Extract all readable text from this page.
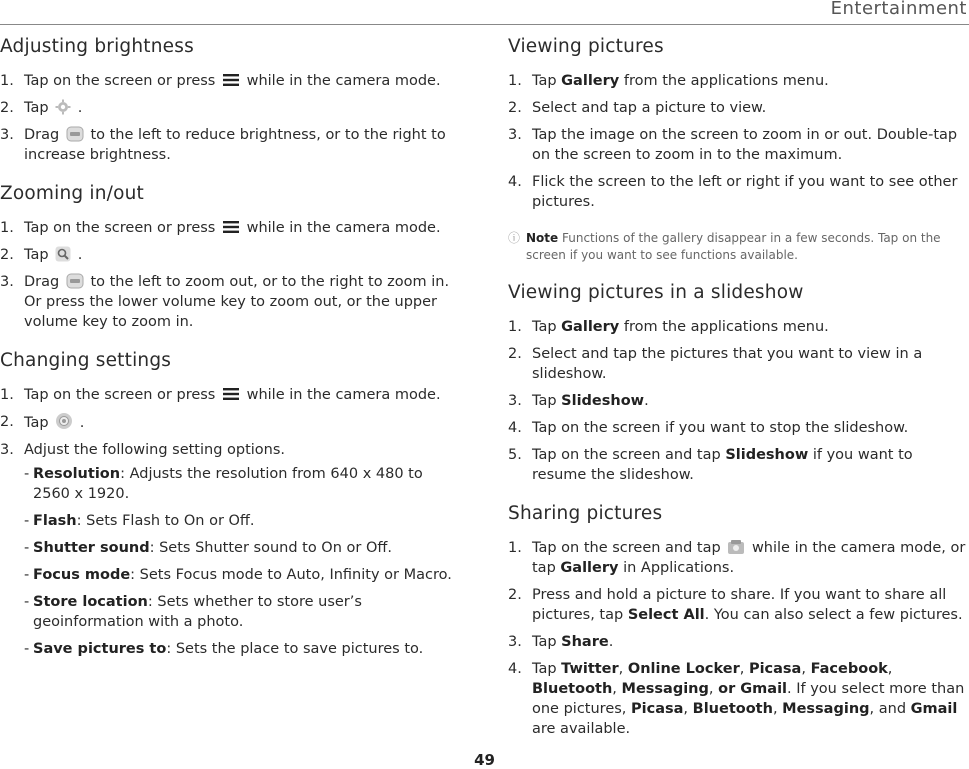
Entertainment
Adjusting brightness
1. Tap on the screen or press while in the camera mode.
2. Tap .
3. Drag to the left to reduce brightness, or to the right to increase brightness.
Zooming in/out
1. Tap on the screen or press while in the camera mode.
2. Tap .
3. Drag to the left to zoom out, or to the right to zoom in. Or press the lower volume key to zoom out, or the upper volume key to zoom in.
Changing settings
1. Tap on the screen or press while in the camera mode.
2. Tap .
3. Adjust the following setting options.
- Resolution: Adjusts the resolution from 640 x 480 to 2560 x 1920.
- Flash: Sets Flash to On or Off.
- Shutter sound: Sets Shutter sound to On or Off.
- Focus mode: Sets Focus mode to Auto, Infinity or Macro.
- Store location: Sets whether to store user’s geoinformation with a photo.
- Save pictures to: Sets the place to save pictures to.
Viewing pictures
1. Tap Gallery from the applications menu.
2. Select and tap a picture to view.
3. Tap the image on the screen to zoom in or out. Double-tap on the screen to zoom in to the maximum.
4. Flick the screen to the left or right if you want to see other pictures.
ⓘ Note Functions of the gallery disappear in a few seconds. Tap on the screen if you want to see functions available.
Viewing pictures in a slideshow
1. Tap Gallery from the applications menu.
2. Select and tap the pictures that you want to view in a slideshow.
3. Tap Slideshow.
4. Tap on the screen if you want to stop the slideshow.
5. Tap on the screen and tap Slideshow if you want to resume the slideshow.
Sharing pictures
1. Tap on the screen and tap while in the camera mode, or tap Gallery in Applications.
2. Press and hold a picture to share. If you want to share all pictures, tap Select All. You can also select a few pictures.
3. Tap Share.
4. Tap Twitter, Online Locker, Picasa, Facebook, Bluetooth, Messaging, or Gmail. If you select more than one pictures, Picasa, Bluetooth, Messaging, and Gmail are available.
49
